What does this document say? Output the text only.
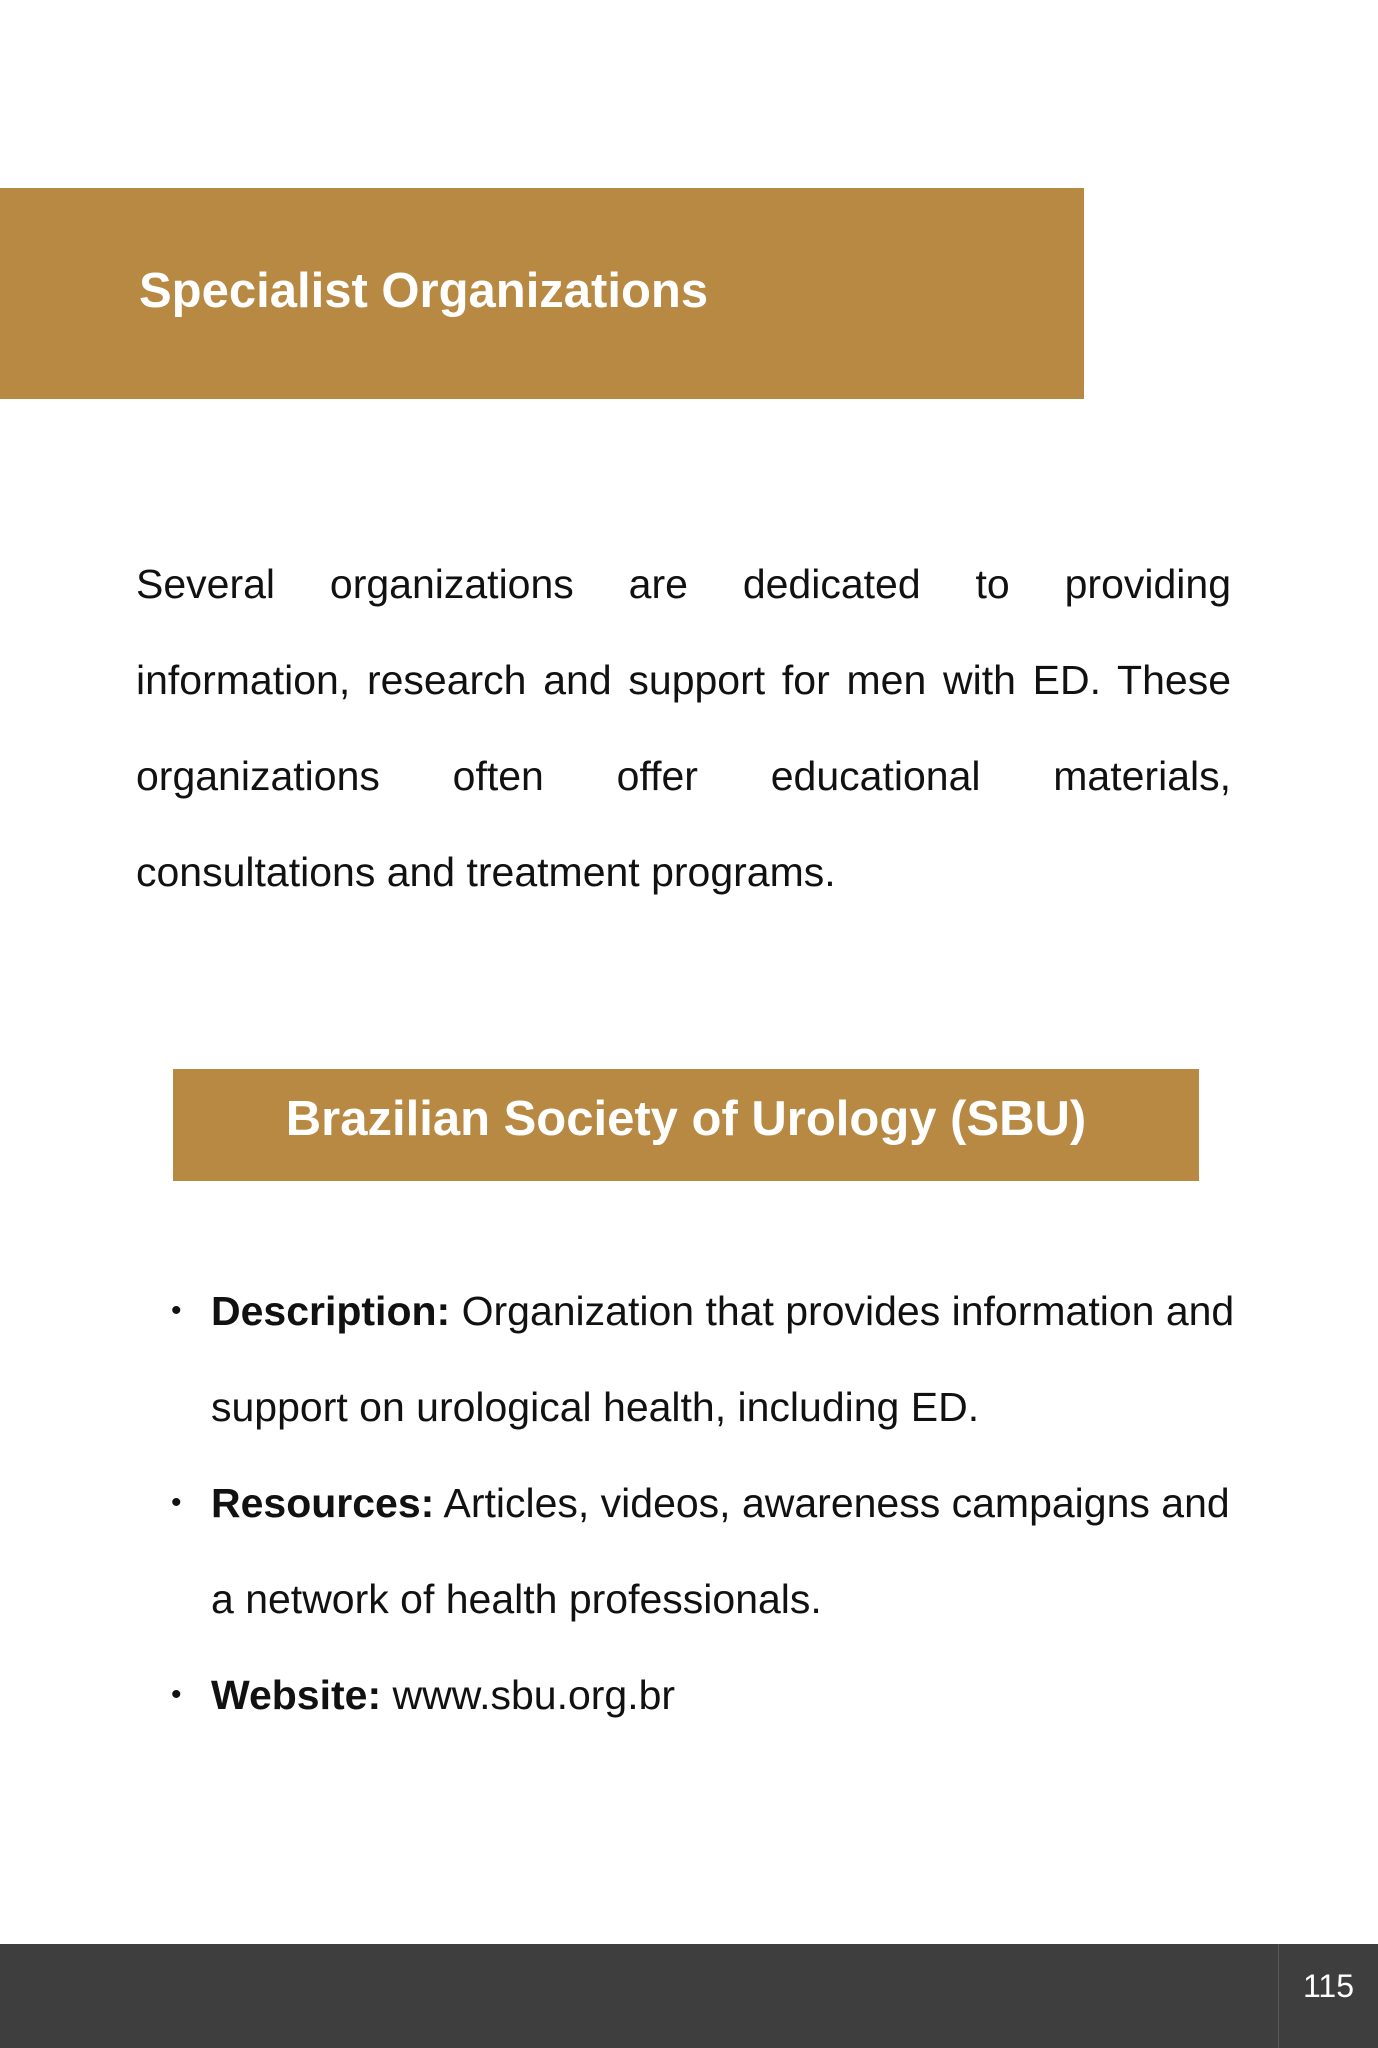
Specialist Organizations

Several organizations are dedicated to providing information, research and support for men with ED. These organizations often offer educational materials, consultations and treatment programs.

Brazilian Society of Urology (SBU)
• Description: Organization that provides information and support on urological health, including ED.
• Resources: Articles, videos, awareness campaigns and a network of health professionals.
• Website: www.sbu.org.br
115
